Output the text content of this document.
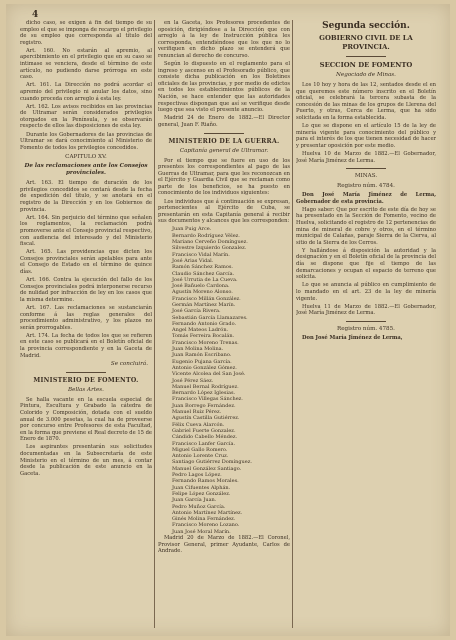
4

dicho caso, se exigen á fin del tiempo de su empleo el que se imponga de recargo el privilegio de su empleo que corresponda al título del registro.

Art. 160. No estarán al apremio, al apercibimiento en el privilegio que en su caso se intimase se venciera, desde el término de este artículo, no pudiendo darse prórroga en este caso.

Art. 161. La Dirección no podrá acordar el apremio del privilegio ni anular los datos, sino cuando proceda con arreglo á esta ley.

Art. 162. Los avisos recibidos en las provincias de Ultramar serán considerados privilegios otorgados en la Península, y se observarán respecto de ellos las disposiciones de esta ley.

Durante los Gobernadores de las provincias de Ultramar se dará conocimiento al Ministerio de Fomento de todos los privilegios concedidos.

CAPITULO XV.
De las reclamaciones ante los Consejos provinciales.

Art. 163. El tiempo de duración de los privilegios concedidos se contará desde la fecha de expedición del título, y se anotará en el registro de la Dirección y en los Gobiernos de provincia.

Art. 164. Sin perjuicio del término que señalen los reglamentos, la reclamación podrá promoverse ante el Consejo provincial respectivo, con audiencia del interesado y del Ministerio fiscal.

Art. 165. Las providencias que dicten los Consejos provinciales serán apelables para ante el Consejo de Estado en el término de quince días.

Art. 166. Contra la ejecución del fallo de los Consejos provinciales podrá interponerse recurso de nulidad por infracción de ley en los casos que la misma determine.

Art. 167. Las reclamaciones se sustanciarán conforme á las reglas generales del procedimiento administrativo, y los plazos no serán prorrogables.

Art. 174. La fecha de todos los que se refieren en este caso se publicará en el Boletín oficial de la provincia correspondiente y en la Gaceta de Madrid.

Se concluirá.
MINISTERIO DE FOMENTO.
Bellas Artes.

Se halla vacante en la escuela especial de Pintura, Escultura y Grabado la cátedra de Colorido y Composición, dotada con el sueldo anual de 3.000 pesetas, la cual ha de proveerse por concurso entre Profesores de esta Facultad, en la forma que previene el Real decreto de 15 de Enero de 1870.

Los aspirantes presentarán sus solicitudes documentadas en la Subsecretaría de este Ministerio en el término de un mes, á contar desde la publicación de este anuncio en la Gaceta.

en la Gaceta, los Profesores procedentes de oposición, dirigiéndose a la Dirección que con arreglo á la ley de Instrucción pública les corresponda, entendiéndose que los que no lo verifiquen en dicho plazo se entenderá que renuncian al derecho de concurso.

Según lo dispuesto en el reglamento para el ingreso y ascenso en el Profesorado público, que consiste dicha publicación en los Boletines oficiales de las provincias, y por medio de edictos en todos los establecimientos públicos de la Nación, se hace entender que las autoridades respectivas dispongan que así se verifique desde luego que sea visto el presente anuncio.

Madrid 24 de Enero de 1882.—El Director general, Juan F. Riaño.

MINISTERIO DE LA GUERRA.
Capitanía general de Ultramar.

Por el tiempo que se fuere en uso de los presentes los correspondientes al pago de las Guerras de Ultramar, para que les reconozcan en el Ejército y Guardia Civil que se reclaman como parte de los beneficios, se ha puesto en conocimiento de los individuos siguientes:

Los individuos que á continuación se expresan, pertenecientes al Ejército de Cuba, se presentarán en esta Capitanía general á recibir sus documentos y alcances que les corresponden:

Juan Puig Arce.
Bernardo Rodríguez Vélez.
Mariano Cerveño Domínguez.
Silvestre Izquierdo Gonzalez.
Francisco Vidal Marín.
José Arias Vidal.
Ramón Sánchez Ramos.
Claudio Sánchez García.
José Urrutia de La Cueva.
José Bañuelo Cardona.
Agustín Moreno Alonso.
Francisco Millán González.
Germán Martínez Marín.
José García Rivera.
Sebastián García Llamazares.
Fernando Antonio Grado.
Angel Mateos Ladrón.
Tomás Ferreira Bocalán.
Francisco Moreno Trenas.
Juan Molina Molina.
Juan Ramón Escribano.
Eugenio Pujana García.
Antonio González Gómez.
Vicente Alcolea del San José.
José Pérez Sáez.
Manuel Bernal Rodríguez.
Bernardo López Iglesias.
Francisco Villegas Sánchez.
Juan Borrego Fernández.
Manuel Ruiz Pérez.
Agustín Castilla Gutiérrez.
Félix Cueva Alarcón.
Gabriel Fuerte Gonzalez.
Cándido Cabello Méndez.
Francisco Lanfer García.
Miguel Gallo Romero.
Antonio Lorente Cruz.
Santiago Gutiérrez Domínguez.
Manuel González Santiago.
Pedro Lagos López.
Fernando Ramos Morales.
Juan Cifuentes Alphán.
Felipe López González.
Juan García Juan.
Pedro Muñoz García.
Antonio Martínez Martínez.
Ginés Molina Fernández.
Francisco Moreno Lozano.
Juan José Moral Marín.

Madrid 20 de Marzo de 1882.—El Coronel, Provisor General, primer Ayudante, Carlos de Andrade.

Segunda sección.
GOBIERNO CIVIL DE LA PROVINCIA.
SECCION DE FOMENTO
Negociado de Minas.

Los 10 hoy y hora de las 12, sentados desde el en que queremos este número inscrito en el Boletín oficial, se celebrará la tercera subasta de la concesión de las minas de los grupos de Llerena del Puerto, y otras, Cerca de Lerma, que ha sido solicitada en la forma establecida.

Lo que se dispone en el artículo 15 de la ley de minería vigente para conocimiento del público y para el interés de los que tienen necesidad de hacer y presentar oposición por este medio.

Huelva 10 de Marzo de 1882.—El Gobernador, José María Jiménez de Lerma.

MINAS.
Registro núm. 4784.

Don José María Jiménez de Lerma, Gobernador de esta provincia.

Hago saber: Que por escrito de este día de hoy se ha presentado en la Sección de Fomento, vecino de Huelva, solicitando el registro de 12 pertenencias de mina de mineral de cobre y otros, en el término municipal de Calañas, paraje Sierra de la Cierva, al sitio de la Sierra de los Cerros.

Y hallándose á disposición la autoridad y la designación y en el Boletín oficial de la provincia del día se dispone que fije el tiempo de las demarcaciones y ocupan el espacio de terreno que solicita.

Lo que se anuncia al público en cumplimiento de lo mandado en el art. 23 de la ley de minería vigente.

Huelva 11 de Marzo de 1882.—El Gobernador, José María Jiménez de Lerma.

Registro núm. 4785.

Don José María Jiménez de Lerma,
